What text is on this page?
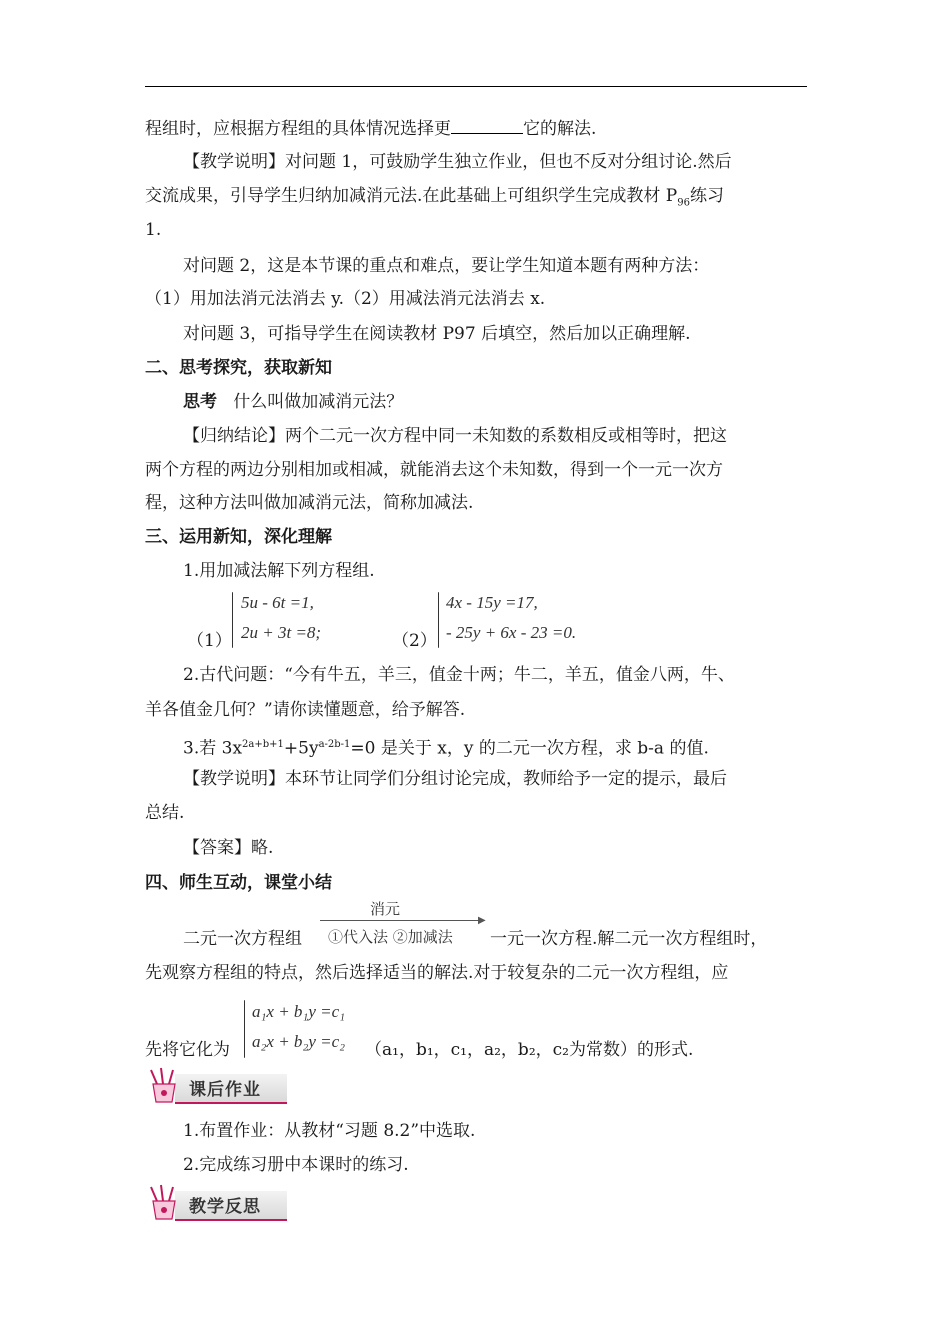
程组时，应根据方程组的具体情况选择更	它的解法.
【教学说明】对问题 1，可鼓励学生独立作业，但也不反对分组讨论.然后
交流成果，引导学生归纳加减消元法.在此基础上可组织学生完成教材 $P_{96}$练习
1.
对问题 2，这是本节课的重点和难点，要让学生知道本题有两种方法：
（1）用加法消元法消去 y.（2）用减法消元法消去 x.
对问题 3，可指导学生在阅读教材 P97 后填空，然后加以正确理解.
二、思考探究，获取新知
思考 什么叫做加减消元法？
【归纳结论】两个二元一次方程中同一未知数的系数相反或相等时，把这
两个方程的两边分别相加或相减，就能消去这个未知数，得到一个一元一次方
程，这种方法叫做加减消元法，简称加减法.
三、运用新知，深化理解
1.用加减法解下列方程组.
（1）
5u - 6t =1,
2u + 3t =8;	（2）
4x - 15y =17,
- 25y + 6x - 23 =0.
2.古代问题：“今有牛五，羊三，值金十两；牛二，羊五，值金八两，牛、
羊各值金几何？”请你读懂题意，给予解答.
3.若 $3x^{2a+b+1}+5y^{a-2b-1}=0$ 是关于 x，y 的二元一次方程，求 b-a 的值.
【教学说明】本环节让同学们分组讨论完成，教师给予一定的提示，最后
总结.
【答案】略.
四、师生互动，课堂小结
消元
▶
①代入法 ②加减法
二元一次方程组	一元一次方程.解二元一次方程组时，
先观察方程组的特点，然后选择适当的解法.对于较复杂的二元一次方程组，应
先将它化为
a₁x + b₁y =c₁
a₂x + b₂y =c₂ （a₁，b₁，c₁，a₂，b₂，c₂为常数）的形式.
课后作业
1.布置作业：从教材“习题 8.2”中选取.
2.完成练习册中本课时的练习.
教学反思
